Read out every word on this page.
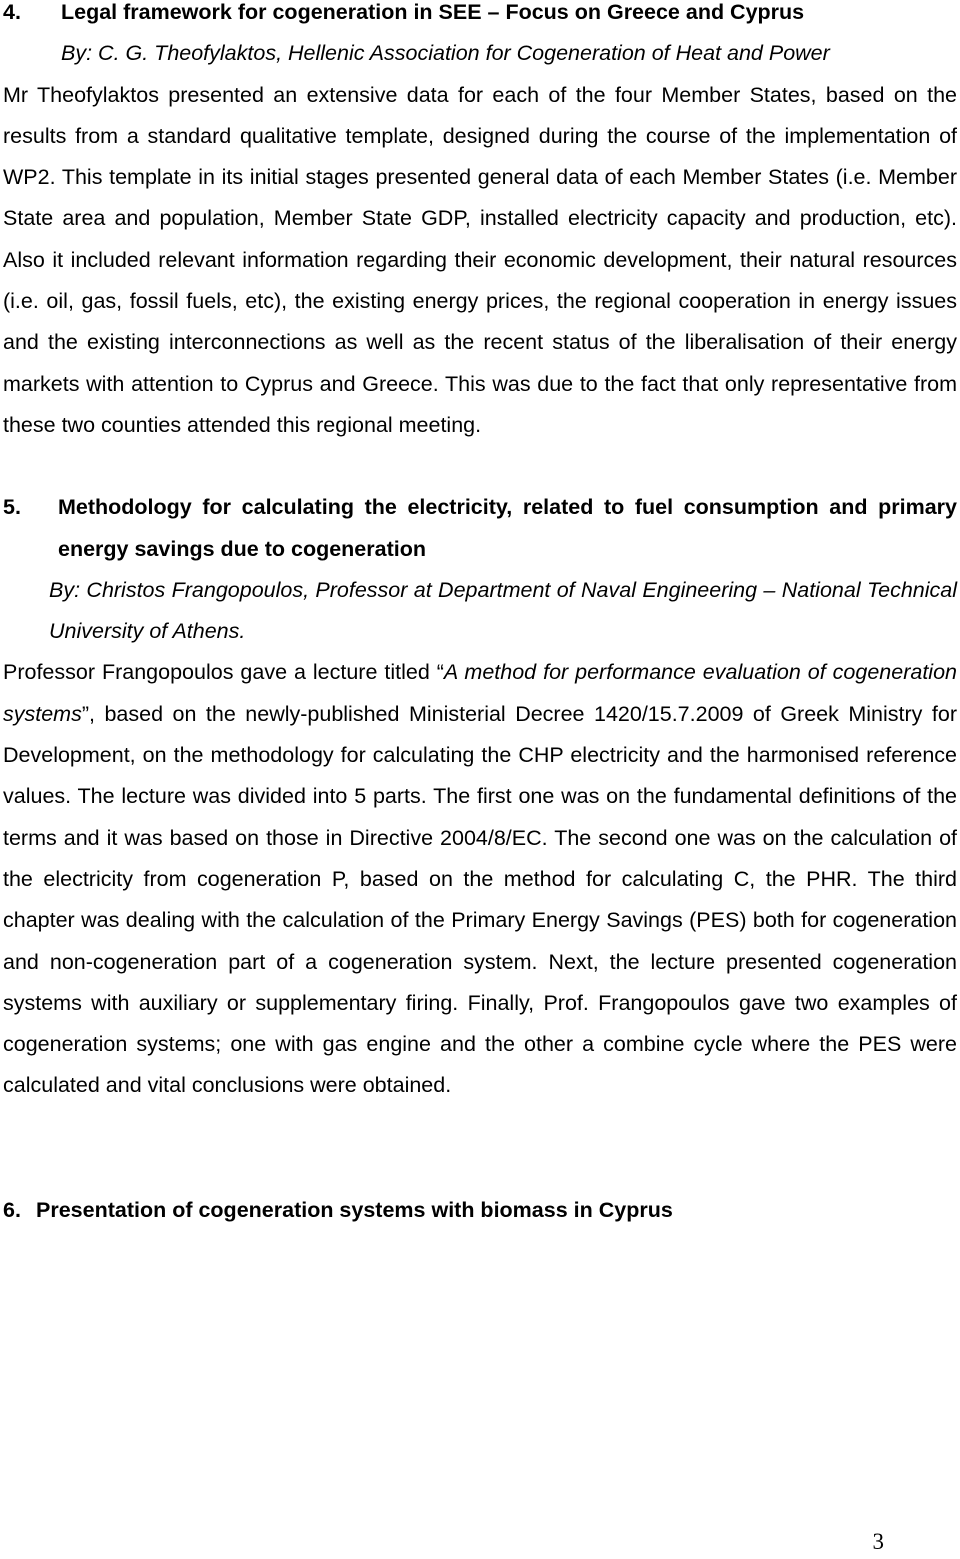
4.	Legal framework for cogeneration in SEE – Focus on Greece and Cyprus

By: C. G. Theofylaktos, Hellenic Association for Cogeneration of Heat and Power

Mr Theofylaktos presented an extensive data for each of the four Member States, based on the results from a standard qualitative template, designed during the course of the implementation of WP2. This template in its initial stages presented general data of each Member States (i.e. Member State area and population, Member State GDP, installed electricity capacity and production, etc). Also it included relevant information regarding their economic development, their natural resources (i.e. oil, gas, fossil fuels, etc), the existing energy prices, the regional cooperation in energy issues and the existing interconnections as well as the recent status of the liberalisation of their energy markets with attention to Cyprus and Greece. This was due to the fact that only representative from these two counties attended this regional meeting.

5.	Methodology for calculating the electricity, related to fuel consumption and primary energy savings due to cogeneration

By: Christos Frangopoulos, Professor at Department of Naval Engineering – National Technical University of Athens.

Professor Frangopoulos gave a lecture titled “A method for performance evaluation of cogeneration systems”, based on the newly-published Ministerial Decree 1420/15.7.2009 of Greek Ministry for Development, on the methodology for calculating the CHP electricity and the harmonised reference values. The lecture was divided into 5 parts. The first one was on the fundamental definitions of the terms and it was based on those in Directive 2004/8/EC. The second one was on the calculation of the electricity from cogeneration P, based on the method for calculating C, the PHR. The third chapter was dealing with the calculation of the Primary Energy Savings (PES) both for cogeneration and non-cogeneration part of a cogeneration system. Next, the lecture presented cogeneration systems with auxiliary or supplementary firing. Finally, Prof. Frangopoulos gave two examples of cogeneration systems; one with gas engine and the other a combine cycle where the PES were calculated and vital conclusions were obtained.

6. Presentation of cogeneration systems with biomass in Cyprus

3
